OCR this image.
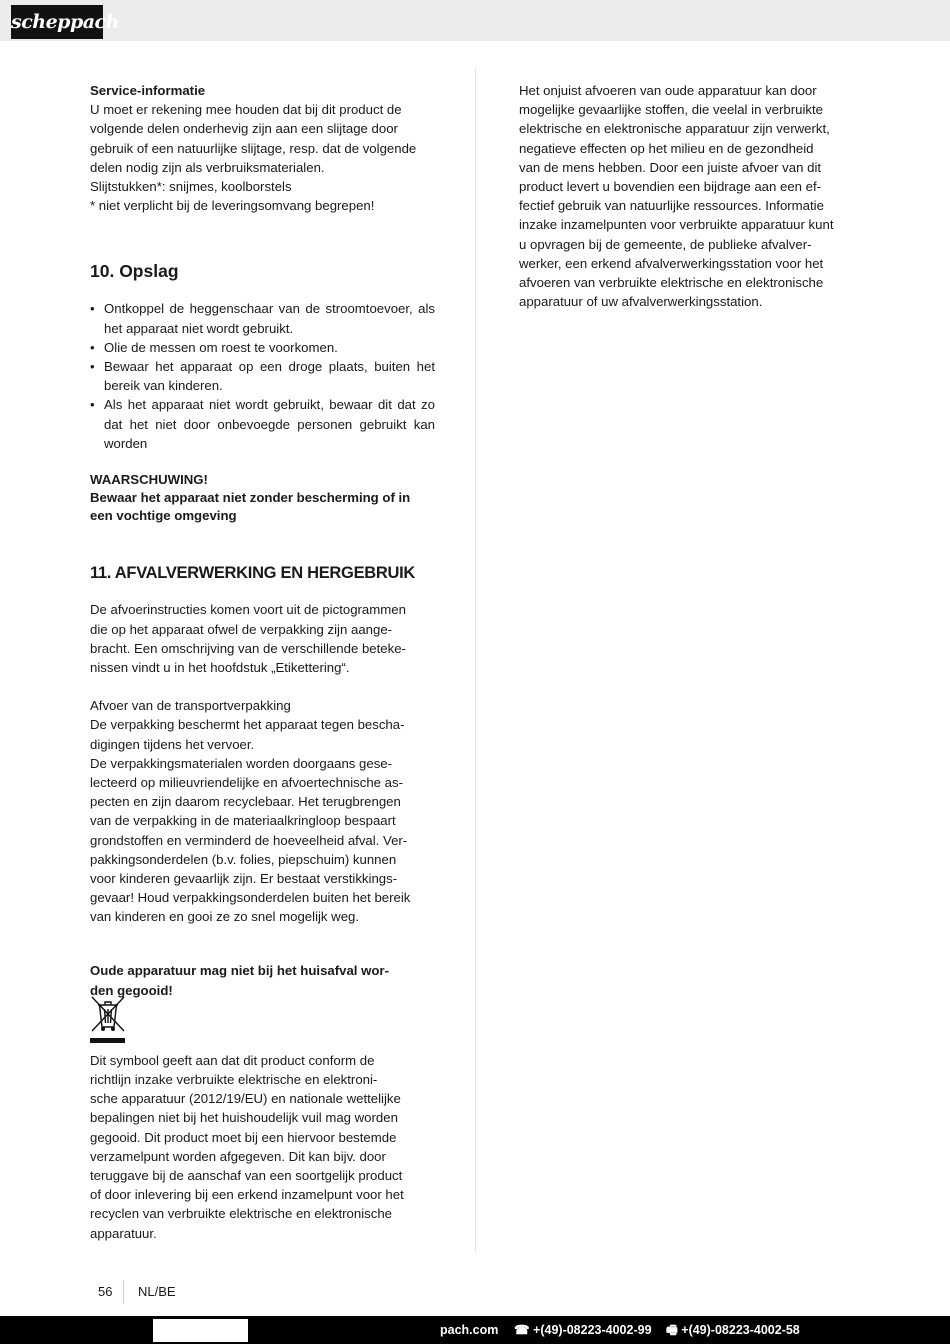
scheppach

Service-informatie

U moet er rekening mee houden dat bij dit product de

volgende delen onderhevig zijn aan een slijtage door

gebruik of een natuurlijke slijtage, resp. dat de volgende

delen nodig zijn als verbruiksmaterialen.

Slijtstukken*: snijmes, koolborstels

* niet verplicht bij de leveringsomvang begrepen!

10. Opslag

• Ontkoppel de heggenschaar van de stroomtoevoer, als het apparaat niet wordt gebruikt.
• Olie de messen om roest te voorkomen.
• Bewaar het apparaat op een droge plaats, buiten het bereik van kinderen.
• Als het apparaat niet wordt gebruikt, bewaar dit dat zo dat het niet door onbevoegde personen gebruikt kan worden

WAARSCHUWING!

Bewaar het apparaat niet zonder bescherming of in

een vochtige omgeving

11. AFVALVERWERKING EN HERGEBRUIK

De afvoerinstructies komen voort uit de pictogrammen

die op het apparaat ofwel de verpakking zijn aange-

bracht. Een omschrijving van de verschillende beteke-

nissen vindt u in het hoofdstuk „Etikettering“.

Afvoer van de transportverpakking

De verpakking beschermt het apparaat tegen bescha-

digingen tijdens het vervoer.

De verpakkingsmaterialen worden doorgaans gese-

lecteerd op milieuvriendelijke en afvoertechnische as-

pecten en zijn daarom recyclebaar. Het terugbrengen

van de verpakking in de materiaalkringloop bespaart

grondstoffen en verminderd de hoeveelheid afval. Ver-

pakkingsonderdelen (b.v. folies, piepschuim) kunnen

voor kinderen gevaarlijk zijn. Er bestaat verstikkings-

gevaar! Houd verpakkingsonderdelen buiten het bereik

van kinderen en gooi ze zo snel mogelijk weg.

Oude apparatuur mag niet bij het huisafval wor-

den gegooid!

Dit symbool geeft aan dat dit product conform de

richtlijn inzake verbruikte elektrische en elektroni-

sche apparatuur (2012/19/EU) en nationale wettelijke

bepalingen niet bij het huishoudelijk vuil mag worden

gegooid. Dit product moet bij een hiervoor bestemde

verzamelpunt worden afgegeven. Dit kan bijv. door

teruggave bij de aanschaf van een soortgelijk product

of door inlevering bij een erkend inzamelpunt voor het

recyclen van verbruikte elektrische en elektronische

apparatuur.

Het onjuist afvoeren van oude apparatuur kan door

mogelijke gevaarlijke stoffen, die veelal in verbruikte

elektrische en elektronische apparatuur zijn verwerkt,

negatieve effecten op het milieu en de gezondheid

van de mens hebben. Door een juiste afvoer van dit

product levert u bovendien een bijdrage aan een ef-

fectief gebruik van natuurlijke ressources. Informatie

inzake inzamelpunten voor verbruikte apparatuur kunt

u opvragen bij de gemeente, de publieke afvalver-

werker, een erkend afvalverwerkingsstation voor het

afvoeren van verbruikte elektrische en elektronische

apparatuur of uw afvalverwerkingsstation.

56 NL/BE
pach.com ☎ +(49)-08223-4002-99 🖷 +(49)-08223-4002-58
